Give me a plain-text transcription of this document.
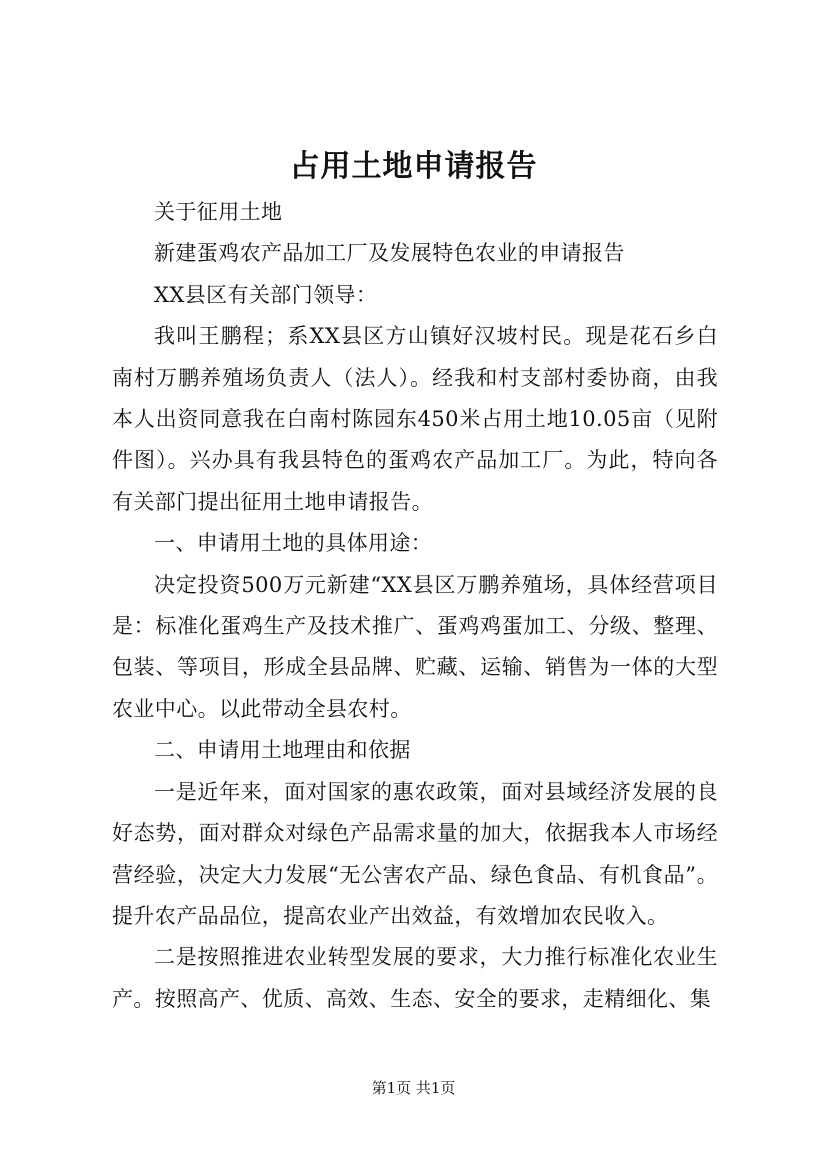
占用土地申请报告

关于征用土地

新建蛋鸡农产品加工厂及发展特色农业的申请报告

XX县区有关部门领导：

我叫王鹏程；系XX县区方山镇好汉坡村民。现是花石乡白南村万鹏养殖场负责人（法人）。经我和村支部村委协商，由我本人出资同意我在白南村陈园东450米占用土地10.05亩（见附件图）。兴办具有我县特色的蛋鸡农产品加工厂。为此，特向各有关部门提出征用土地申请报告。

一、申请用土地的具体用途：

决定投资500万元新建“XX县区万鹏养殖场，具体经营项目是：标准化蛋鸡生产及技术推广、蛋鸡鸡蛋加工、分级、整理、包装、等项目，形成全县品牌、贮藏、运输、销售为一体的大型农业中心。以此带动全县农村。

二、申请用土地理由和依据

一是近年来，面对国家的惠农政策，面对县域经济发展的良好态势，面对群众对绿色产品需求量的加大，依据我本人市场经营经验，决定大力发展“无公害农产品、绿色食品、有机食品”。提升农产品品位，提高农业产出效益，有效增加农民收入。

二是按照推进农业转型发展的要求，大力推行标准化农业生产。按照高产、优质、高效、生态、安全的要求，走精细化、集

第1页 共1页
